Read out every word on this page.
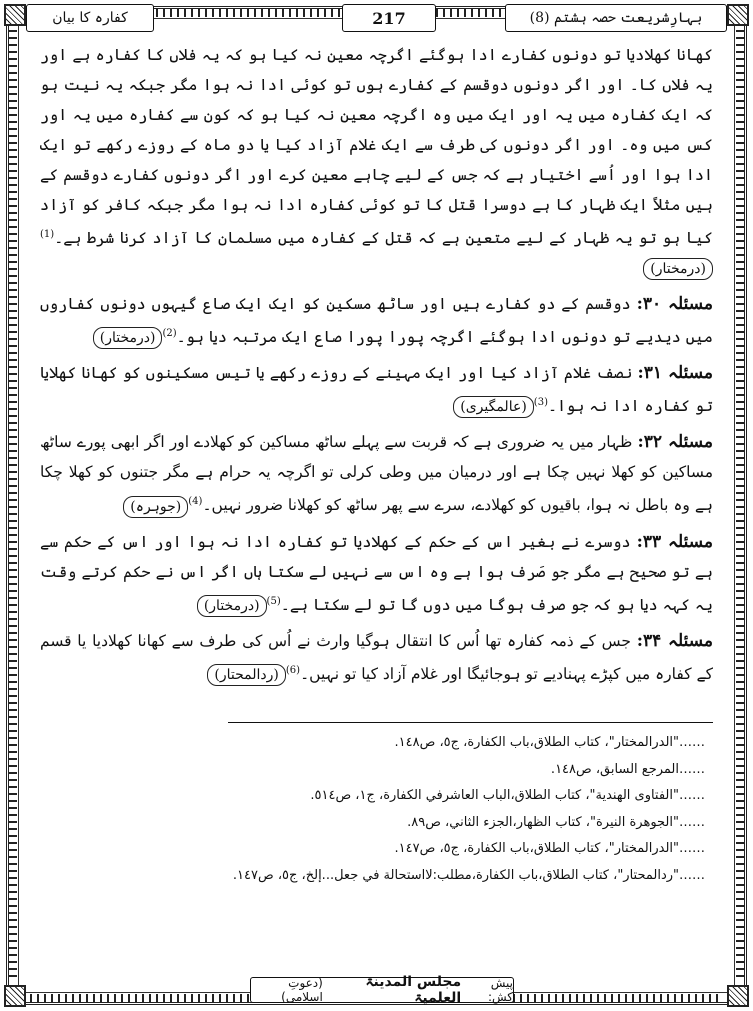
بہارِشریعت حصہ ہشتم (8)
217
کفارہ کا بیان

کھانا کھلادیا تو دونوں کفارے ادا ہوگئے اگرچہ معین نہ کیا ہو کہ یہ فلاں کا کفارہ ہے اور یہ فلاں کا۔ اور اگر دونوں دوقسم کے کفارے ہوں تو کوئی ادا نہ ہوا مگر جبکہ یہ نیت ہو کہ ایک کفارہ میں یہ اور ایک میں وہ اگرچہ معین نہ کیا ہو کہ کون سے کفارہ میں یہ اور کس میں وہ۔ اور اگر دونوں کی طرف سے ایک غلام آزاد کیا یا دو ماہ کے روزے رکھے تو ایک ادا ہوا اور اُسے اختیار ہے کہ جس کے لیے چاہے معین کرے اور اگر دونوں کفارے دوقسم کے ہیں مثلاً ایک ظہار کا ہے دوسرا قتل کا تو کوئی کفارہ ادا نہ ہوا مگر جبکہ کافر کو آزاد کیا ہو تو یہ ظہار کے لیے متعین ہے کہ قتل کے کفارہ میں مسلمان کا آزاد کرنا شرط ہے۔$^{(1)}$(درمختار)

مسئلہ ۳۰: دوقسم کے دو کفارے ہیں اور ساٹھ مسکین کو ایک ایک صاع گیہوں دونوں کفاروں میں دیدیے تو دونوں ادا ہوگئے اگرچہ پورا پورا صاع ایک مرتبہ دیا ہو۔$^{(2)}$(درمختار)

مسئلہ ۳۱: نصف غلام آزاد کیا اور ایک مہینے کے روزے رکھے یا تیس مسکینوں کو کھانا کھلایا تو کفارہ ادا نہ ہوا۔$^{(3)}$(عالمگیری)

مسئلہ ۳۲: ظہار میں یہ ضروری ہے کہ قربت سے پہلے ساٹھ مساکین کو کھلادے اور اگر ابھی پورے ساٹھ مساکین کو کھلا نہیں چکا ہے اور درمیان میں وطی کرلی تو اگرچہ یہ حرام ہے مگر جتنوں کو کھلا چکا ہے وہ باطل نہ ہوا، باقیوں کو کھلادے، سرے سے پھر ساٹھ کو کھلانا ضرور نہیں۔$^{(4)}$(جوہرہ)

مسئلہ ۳۳: دوسرے نے بغیر اس کے حکم کے کھلادیا تو کفارہ ادا نہ ہوا اور اس کے حکم سے ہے تو صحیح ہے مگر جو صَرف ہوا ہے وہ اس سے نہیں لے سکتا ہاں اگر اس نے حکم کرتے وقت یہ کہہ دیا ہو کہ جو صرف ہوگا میں دوں گا تو لے سکتا ہے۔$^{(5)}$(درمختار)

مسئلہ ۳۴: جس کے ذمہ کفارہ تھا اُس کا انتقال ہوگیا وارث نے اُس کی طرف سے کھانا کھلادیا یا قسم کے کفارہ میں کپڑے پہنادیے تو ہوجائیگا اور غلام آزاد کیا تو نہیں۔$^{(6)}$(ردالمحتار)

……"الدرالمختار"، كتاب الطلاق،باب الكفارة، ج٥، ص١٤٨.
……المرجع السابق، ص١٤٨.
……"الفتاوى الهندية"، كتاب الطلاق،الباب العاشرفي الكفارة، ج١، ص٥١٤.
……"الجوهرة النيرة"، كتاب الظهار،الجزء الثاني، ص٨٩.
……"الدرالمختار"، كتاب الطلاق،باب الكفارة، ج٥، ص١٤٧.
……"ردالمحتار"، كتاب الطلاق،باب الكفارة،مطلب:لااستحالة في جعل...إلخ، ج٥، ص١٤٧.
پیش کش:
مجلس المدینۃ العلمیۃ
(دعوتِ اسلامی)
